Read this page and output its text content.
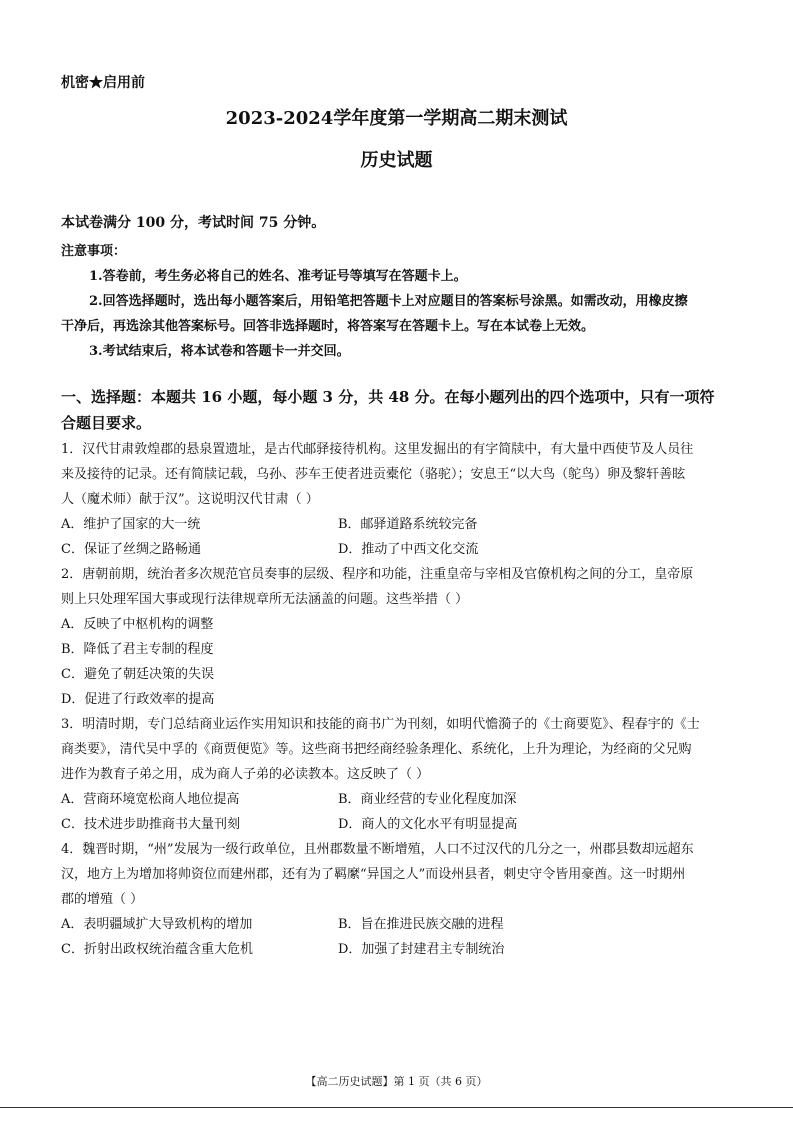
机密★启用前
2023-2024学年度第一学期高二期末测试
历史试题
本试卷满分 100 分，考试时间 75 分钟。
注意事项：
1.答卷前，考生务必将自己的姓名、准考证号等填写在答题卡上。
2.回答选择题时，选出每小题答案后，用铅笔把答题卡上对应题目的答案标号涂黑。如需改动，用橡皮擦
干净后，再选涂其他答案标号。回答非选择题时，将答案写在答题卡上。写在本试卷上无效。
3.考试结束后，将本试卷和答题卡一并交回。
一、选择题：本题共 16 小题，每小题 3 分，共 48 分。在每小题列出的四个选项中，只有一项符
合题目要求。
1．汉代甘肃敦煌郡的悬泉置遗址，是古代邮驿接待机构。这里发掘出的有字简牍中，有大量中西使节及人员往
来及接待的记录。还有简牍记载，乌孙、莎车王使者进贡橐佗（骆驼）；安息王“以大鸟（鸵鸟）卵及黎轩善眩
人（魔术师）献于汉”。这说明汉代甘肃（ ）
A．维护了国家的大一统	B．邮驿道路系统较完备
C．保证了丝绸之路畅通	D．推动了中西文化交流
2．唐朝前期，统治者多次规范官员奏事的层级、程序和功能，注重皇帝与宰相及官僚机构之间的分工，皇帝原
则上只处理军国大事或现行法律规章所无法涵盖的问题。这些举措（ ）
A．反映了中枢机构的调整
B．降低了君主专制的程度
C．避免了朝廷决策的失误
D．促进了行政效率的提高
3．明清时期，专门总结商业运作实用知识和技能的商书广为刊刻，如明代憺漪子的《士商要览》、程春宇的《士
商类要》，清代吴中孚的《商贾便览》等。这些商书把经商经验条理化、系统化，上升为理论，为经商的父兄购
进作为教育子弟之用，成为商人子弟的必读教本。这反映了（ ）
A．营商环境宽松商人地位提高	B．商业经营的专业化程度加深
C．技术进步助推商书大量刊刻	D．商人的文化水平有明显提高
4．魏晋时期，“州”发展为一级行政单位，且州郡数量不断增殖，人口不过汉代的几分之一，州郡县数却远超东
汉，地方上为增加将帅资位而建州郡，还有为了羁縻“异国之人”而设州县者，刺史守令皆用豪酋。这一时期州
郡的增殖（ ）
A．表明疆域扩大导致机构的增加	B．旨在推进民族交融的进程
C．折射出政权统治蕴含重大危机	D．加强了封建君主专制统治
【高二历史试题】第 1 页（共 6 页）
